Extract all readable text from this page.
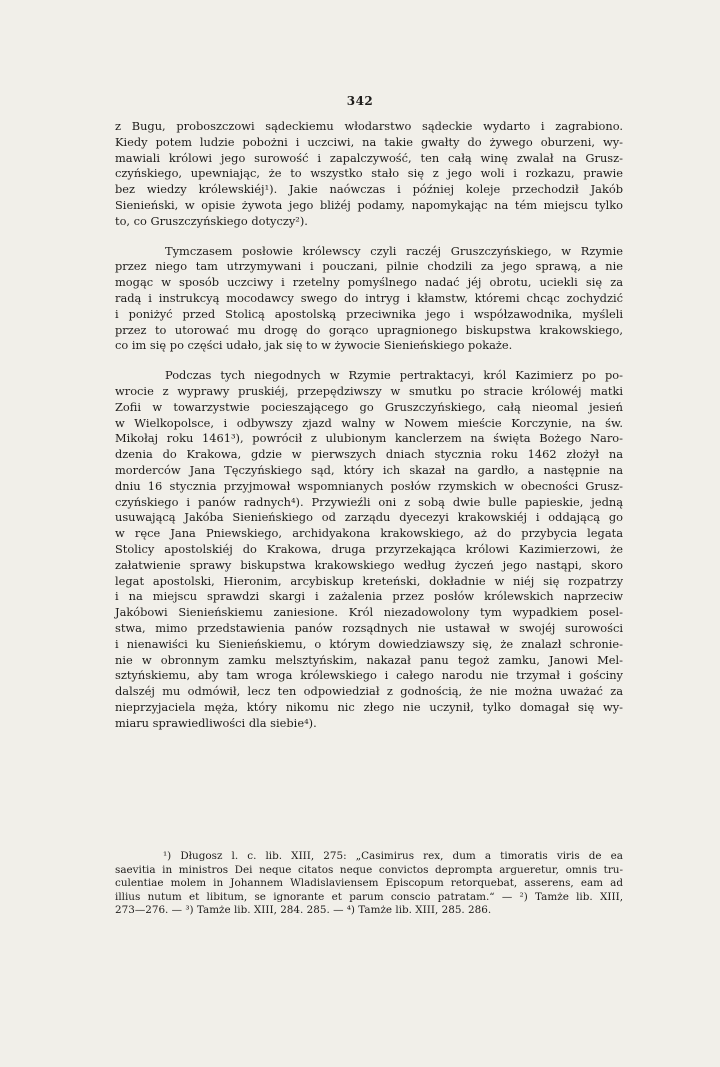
342
z Bugu, proboszczowi sądeckiemu włodarstwo sądeckie wydarto i zagrabiono.
Kiedy potem ludzie pobożni i uczciwi, na takie gwałty do żywego oburzeni, wy-
mawiali królowi jego surowość i zapalczywość, ten całą winę zwalał na Grusz-
czyńskiego, upewniając, że to wszystko stało się z jego woli i rozkazu, prawie
bez wiedzy królewskiéj¹). Jakie naówczas i później koleje przechodził Jakób
Sienieński, w opisie żywota jego bliżéj podamy, napomykając na tém miejscu tylko
to, co Gruszczyńskiego dotyczy²).
Tymczasem posłowie królewscy czyli raczéj Gruszczyńskiego, w Rzymie
przez niego tam utrzymywani i pouczani, pilnie chodzili za jego sprawą, a nie
mogąc w sposób uczciwy i rzetelny pomyślnego nadać jéj obrotu, uciekli się za
radą i instrukcyą mocodawcy swego do intryg i kłamstw, któremi chcąc zochydzić
i poniżyć przed Stolicą apostolską przeciwnika jego i współzawodnika, myśleli
przez to utorować mu drogę do gorąco upragnionego biskupstwa krakowskiego,
co im się po części udało, jak się to w żywocie Sienieńskiego pokaże.
Podczas tych niegodnych w Rzymie pertraktacyi, król Kazimierz po po-
wrocie z wyprawy pruskiéj, przepędziwszy w smutku po stracie królowéj matki
Zofii w towarzystwie pocieszającego go Gruszczyńskiego, całą nieomal jesień
w Wielkopolsce, i odbywszy zjazd walny w Nowem mieście Korczynie, na św.
Mikołaj roku 1461³), powrócił z ulubionym kanclerzem na święta Bożego Naro-
dzenia do Krakowa, gdzie w pierwszych dniach stycznia roku 1462 złożył na
morderców Jana Tęczyńskiego sąd, który ich skazał na gardło, a następnie na
dniu 16 stycznia przyjmował wspomnianych posłów rzymskich w obecności Grusz-
czyńskiego i panów radnych⁴). Przywieźli oni z sobą dwie bulle papieskie, jedną
usuwającą Jakóba Sienieńskiego od zarządu dyecezyi krakowskiéj i oddającą go
w ręce Jana Pniewskiego, archidyakona krakowskiego, aż do przybycia legata
Stolicy apostolskiéj do Krakowa, druga przyrzekająca królowi Kazimierzowi, że
załatwienie sprawy biskupstwa krakowskiego według życzeń jego nastąpi, skoro
legat apostolski, Hieronim, arcybiskup kreteński, dokładnie w niéj się rozpatrzy
i na miejscu sprawdzi skargi i zażalenia przez posłów królewskich naprzeciw
Jakóbowi Sienieńskiemu zaniesione. Król niezadowolony tym wypadkiem posel-
stwa, mimo przedstawienia panów rozsądnych nie ustawał w swojéj surowości
i nienawiści ku Sienieńskiemu, o którym dowiedziawszy się, że znalazł schronie-
nie w obronnym zamku melsztyńskim, nakazał panu tegoż zamku, Janowi Mel-
sztyńskiemu, aby tam wroga królewskiego i całego narodu nie trzymał i gościny
dalszéj mu odmówił, lecz ten odpowiedział z godnością, że nie można uważać za
nieprzyjaciela męża, który nikomu nic złego nie uczynił, tylko domagał się wy-
miaru sprawiedliwości dla siebie⁴).
¹) Długosz l. c. lib. XIII, 275: „Casimirus rex, dum a timoratis viris de ea
saevitia in ministros Dei neque citatos neque convictos deprompta argueretur, omnis tru-
culentiae molem in Johannem Wladislaviensem Episcopum retorquebat, asserens, eam ad
illius nutum et libitum, se ignorante et parum conscio patratam.“ — ²) Tamże lib. XIII,
273—276. — ³) Tamże lib. XIII, 284. 285. — ⁴) Tamże lib. XIII, 285. 286.
